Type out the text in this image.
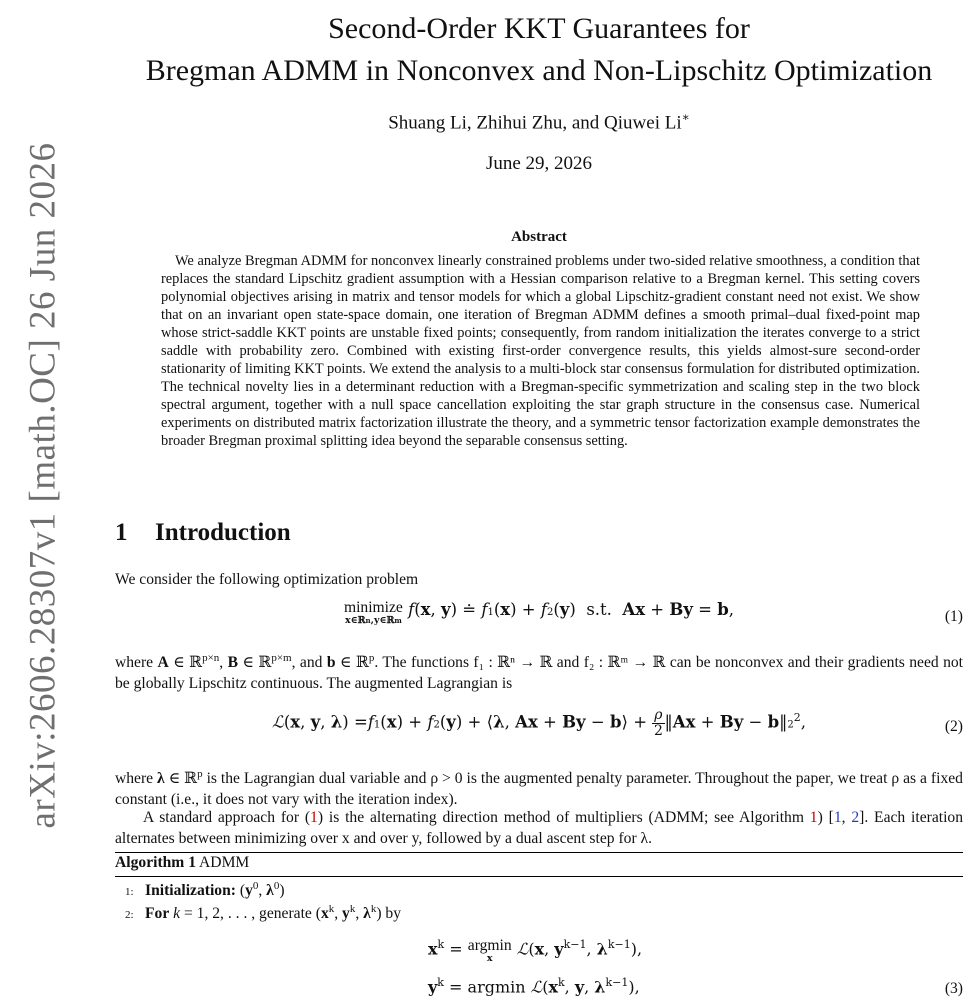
arXiv:2606.28307v1 [math.OC] 26 Jun 2026
Second-Order KKT Guarantees for
Bregman ADMM in Nonconvex and Non-Lipschitz Optimization
Shuang Li, Zhihui Zhu, and Qiuwei Li∗
June 29, 2026
Abstract

We analyze Bregman ADMM for nonconvex linearly constrained problems under two-sided relative smoothness, a condition that replaces the standard Lipschitz gradient assumption with a Hessian comparison relative to a Bregman kernel. This setting covers polynomial objectives arising in matrix and tensor models for which a global Lipschitz-gradient constant need not exist. We show that on an invariant open state-space domain, one iteration of Bregman ADMM defines a smooth primal–dual fixed-point map whose strict-saddle KKT points are unstable fixed points; consequently, from random initialization the iterates converge to a strict saddle with probability zero. Combined with existing first-order convergence results, this yields almost-sure second-order stationarity of limiting KKT points. We extend the analysis to a multi-block star consensus formulation for distributed optimization. The technical novelty lies in a determinant reduction with a Bregman-specific symmetrization and scaling step in the two block spectral argument, together with a null space cancellation exploiting the star graph structure in the consensus case. Numerical experiments on distributed matrix factorization illustrate the theory, and a symmetric tensor factorization example demonstrates the broader Bregman proximal splitting idea beyond the separable consensus setting.

1 Introduction

We consider the following optimization problem

minimize
x∈ℝn,y∈ℝm
f(x, y) ≐ f1(x) + f2(y)  s.t.  Ax + By = b,	(1)

where A ∈ ℝ$^{p\times n}$, B ∈ ℝ$^{p\times m}$, and b ∈ ℝ$^p$. The functions f₁ : ℝⁿ → ℝ and f₂ : ℝᵐ → ℝ can be nonconvex and their gradients need not be globally Lipschitz continuous. The augmented Lagrangian is

ℒ(x, y, λ) =f1(x) + f2(y) + ⟨λ, Ax + By − b⟩ + $\frac{\rho}{2}$ ‖Ax + $By - b‖2^2$,	(2)

where λ ∈ ℝ$^p$ is the Lagrangian dual variable and ρ > 0 is the augmented penalty parameter. Throughout the paper, we treat ρ as a fixed constant (i.e., it does not vary with the iteration index).

A standard approach for (1) is the alternating direction method of multipliers (ADMM; see Algorithm 1) [1, 2]. Each iteration alternates between minimizing over x and over y, followed by a dual ascent step for λ.

Algorithm 1 ADMM
1: Initialization: ($y^0$, $\lambda^0$)
2: For k = 1, 2, . . . , generate ($x^k$, $y^k$, $\lambda^k$) by
$x^k = argmin$
x	ℒ(x, $y^{k-1}$, $\lambda^{k-1}$),
$y^k = argmin$ $ℒ(x^k$, y, $\lambda^{k-1}$),	(3)
